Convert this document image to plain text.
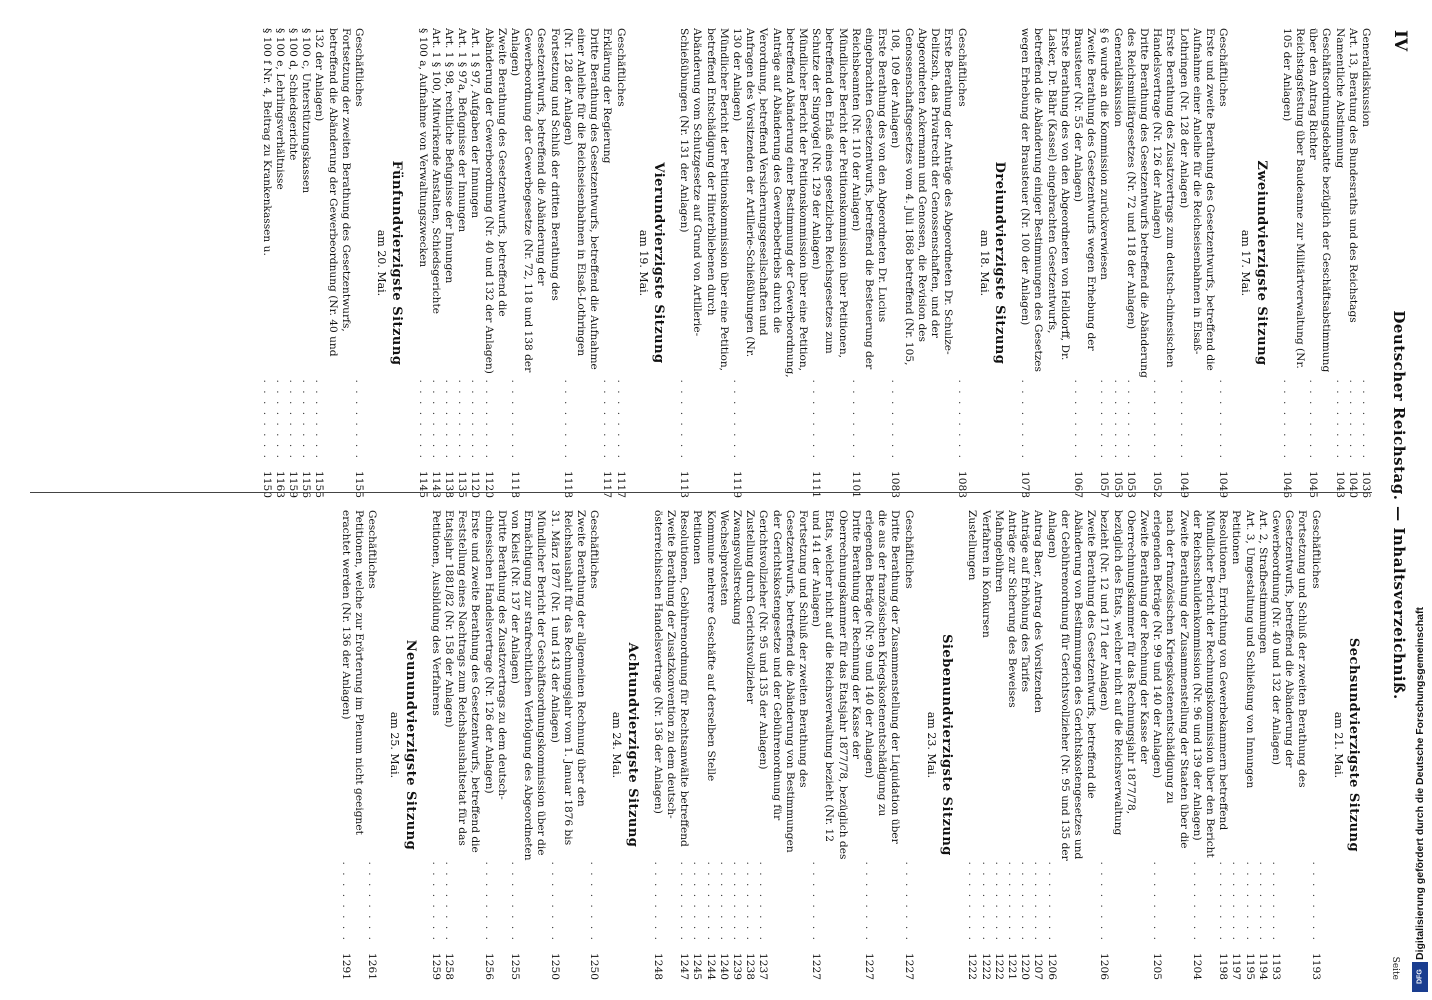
IV
Deutscher Reichstag. — Inhaltsverzeichniß.
Seite
Generaldiskussion
. . . . . . . .
1036
Art. 13, Beratung des Bundesraths und des Reichstags
. . . . . . . .
1040
Namentliche Abstimmung
. . . . . . . .
1043
Geschäftsordnungsdebatte bezüglich der Geschäftsabstimmung über den Antrag Richter
. . . . . . . .
1045
Reichstagsfestung über Baudeanne zur Militärtverwaltung (Nr. 105 der Anlagen)
. . . . . . . .
1046
Zweiundvierzigste Sitzung
am 17. Mai.
Geschäftliches
. . . . . . . .
1049
Erste und zweite Berathung des Gesetzentwurfs, betreffend die Aufnahme einer Anleihe für die Reichseisenbahnen in Elsaß-Lothringen (Nr. 128 der Anlagen)
. . . . . . . .
1049
Erste Berathung des Zusatzvertrags zum deutsch-chinesischen Handelsvertrage (Nr. 126 der Anlagen)
. . . . . . . .
1052
Dritte Berathung des Gesetzentwurfs betreffend die Abänderung des Reichsmilitärgesetzes (Nr. 72 und 118 der Anlagen)
. . . . . . . .
1053
Generaldiskussion
. . . . . . . .
1053
§ 6 wurde an die Kommission zurückverwiesen
. . . . . . . .
1057
Zweite Berathung des Gesetzentwurfs wegen Erhebung der Brausteuer (Nr. 55 der Anlagen)
. . . . . . . .
1067
Erste Berathung des von den Abgeordneten von Helldorff, Dr. Lasker, Dr. Bähr (Kassel) eingebrachten Gesetzentwurfs, betreffend die Abänderung einiger Bestimmungen des Gesetzes wegen Erhebung der Brausteuer (Nr. 100 der Anlagen)
. . . . . . . .
1078
Dreiundvierzigste Sitzung
am 18. Mai.
Geschäftliches
. . . . . . . .
1083
Erste Berathung der Anträge des Abgeordneten Dr. Schulze-Delitzsch, das Privatrecht der Genossenschaften, und der Abgeordneten Ackermann und Genossen, die Revision des Genossenschaftsgesetzes vom 4. Juli 1868 betreffend (Nr. 105, 108, 109 der Anlagen)
. . . . . . . .
1083
Erste Berathung des von den Abgeordneten Dr. Lucius eingebrachten Gesetzentwurfs, betreffend die Besteuerung der Reichsbeamten (Nr. 110 der Anlagen)
. . . . . . . .
1101
Mündlicher Bericht der Petitionskommission über Petitionen, betreffend den Erlaß eines gesetzlichen Reichsgesetzes zum Schutze der Singvögel (Nr. 129 der Anlagen)
. . . . . . . .
1111
Mündlicher Bericht der Petitionskommission über eine Petition, betreffend Abänderung einer Bestimmung der Gewerbeordnung, Anträge auf Abänderung des Gewerbebetriebs durch die Verordnung, betreffend Versicherungsgesellschaften und Anfragen des Vorsitzenden der Artillerie-Schießübungen (Nr. 130 der Anlagen)
. . . . . . . .
1119
Mündlicher Bericht der Petitionskommission über eine Petition, betreffend Entschädigung der Hinterbliebenen durch Abänderung vom Schutzgesetze auf Grund von Artillerie-Schießübungen (Nr. 131 der Anlagen)
. . . . . . . .
1113
Vierundvierzigste Sitzung
am 19. Mai.
Geschäftliches
. . . . . . . .
1117
Erklärung der Regierung
. . . . . . . .
1117
Dritte Berathung des Gesetzentwurfs, betreffend die Aufnahme einer Anleihe für die Reichseisenbahnen in Elsaß-Lothringen (Nr. 128 der Anlagen)
. . . . . . . .
1118
Fortsetzung und Schluß der dritten Berathung des Gesetzentwurfs, betreffend die Abänderung der Gewerbeordnung der Gewerbegesetze (Nr. 72, 118 und 138 der Anlagen)
. . . . . . . .
1118
Zweite Berathung des Gesetzentwurfs, betreffend die Abänderung der Gewerbeordnung (Nr. 40 und 132 der Anlagen)
. . . . . . . .
1120
Art. 1 § 97, Aufgaben der Innungen
. . . . . . . .
1120
Art. 1 § 97a, Befugnisse der Innungen
. . . . . . . .
1135
Art. 1 § 98, rechtliche Befugnisse der Innungen
. . . . . . . .
1138
Art. 1 § 100, Mitwirkende Anstalten, Schiedsgerichte
. . . . . . . .
1143
§ 100 a, Aufnahme von Verwaltungszwecken
. . . . . . . .
1145
Fünfundvierzigste Sitzung
am 20. Mai.
Geschäftliches
. . . . . . . .
1155
Fortsetzung der zweiten Berathung des Gesetzentwurfs, betreffend die Abänderung der Gewerbeordnung (Nr. 40 und 132 der Anlagen)
. . . . . . . .
1155
§ 100 c, Unterstützungskassen
. . . . . . . .
1156
§ 100 d, Schiedsgerichte
. . . . . . . .
1159
§ 100 e, Lehrlingsverhältnisse
. . . . . . . .
1163
§ 100 f Nr. 4, Beitrag zu Krankenkassen u.
. . . . . . . .
1150
Sechsundvierzigste Sitzung
am 21. Mai.
Geschäftliches
. . . . . . . .
1193
Fortsetzung und Schluß der zweiten Berathung des Gesetzentwurfs, betreffend die Abänderung der Gewerbeordnung (Nr. 40 und 132 der Anlagen)
. . . . . . . .
1193
Art. 2, Strafbestimmungen
. . . . . . . .
1194
Art. 3, Umgestaltung und Schließung von Innungen
. . . . . . . .
1195
Petitionen
. . . . . . . .
1197
Resolutionen, Errichtung von Gewerbekammern betreffend
. . . . . . . .
1198
Mündlicher Bericht der Rechnungskommission über den Bericht der Reichsschuldenkommission (Nr. 96 und 139 der Anlagen)
. . . . . . . .
1204
Zweite Berathung der Zusammenstellung der Staaten über die nach der französischen Kriegskostenentschädigung zu erlegenden Beträge (Nr. 99 und 140 der Anlagen)
. . . . . . . .
1205
Zweite Berathung der Rechnung der Kasse der Oberrechnungskammer für das Rechnungsjahr 1877/78, bezüglich des Etats, welcher nicht auf die Reichsverwaltung bezieht (Nr. 12 und 171 der Anlagen)
. . . . . . . .
1206
Zweite Berathung des Gesetzentwurfs, betreffend die Abänderung von Bestimmungen des Gerichtskostengesetzes und der Gebührenordnung für Gerichtsvollzieher (Nr. 95 und 135 der Anlagen)
. . . . . . . .
1206
Antrag Baer, Antrag des Vorsitzenden
. . . . . . . .
1207
Anträge auf Erhöhung des Tarifes
. . . . . . . .
1220
Anträge zur Sicherung des Beweises
. . . . . . . .
1221
Mahngebühren
. . . . . . . .
1222
Verfahren in Konkursen
. . . . . . . .
1222
Zustellungen
. . . . . . . .
1222
Siebenundvierzigste Sitzung
am 23. Mai.
Geschäftliches
. . . . . . . .
1227
Dritte Berathung der Zusammenstellung der Liquidation über die aus der französischen Kriegskostenentschädigung zu erlegenden Beträge (Nr. 99 und 140 der Anlagen)
. . . . . . . .
1227
Dritte Berathung der Rechnung der Kasse der Oberrechnungskammer für das Etatsjahr 1877/78, bezüglich des Etats, welcher nicht auf die Reichsverwaltung bezieht (Nr. 12 und 141 der Anlagen)
. . . . . . . .
1227
Fortsetzung und Schluß der zweiten Berathung des Gesetzentwurfs, betreffend die Abänderung von Bestimmungen der Gerichtskostengesetze und der Gebührenordnung für Gerichtsvollzieher (Nr. 95 und 135 der Anlagen)
. . . . . . . .
1237
Zustellung durch Gerichtsvollzieher
. . . . . . . .
1238
Zwangsvollstreckung
. . . . . . . .
1239
Wechselprotesten
. . . . . . . .
1240
Kommune mehrere Geschäfte auf derselben Stelle
. . . . . . . .
1244
Petitionen
. . . . . . . .
1245
Resolutionen, Gebührenordnung für Rechtsanwälte betreffend
. . . . . . . .
1247
Zweite Berathung der Zusatzkonvention zu dem deutsch-österreichischen Handelsvertrage (Nr. 136 der Anlagen)
. . . . . . . .
1248
Achtundvierzigste Sitzung
am 24. Mai.
Geschäftliches
. . . . . . . .
1250
Zweite Berathung der allgemeinen Rechnung über den Reichshaushalt für das Rechnungsjahr vom 1. Januar 1876 bis 31. März 1877 (Nr. 1 und 143 der Anlagen)
. . . . . . . .
1250
Mündlicher Bericht der Geschäftsordnungskommission über die Ermächtigung zur strafrechtlichen Verfolgung des Abgeordneten von Kleist (Nr. 137 der Anlagen)
. . . . . . . .
1255
Dritte Berathung des Zusatzvertrags zu dem deutsch-chinesischen Handelsvertrage (Nr. 126 der Anlagen)
. . . . . . . .
1256
Erste und zweite Berathung des Gesetzentwurfs, betreffend die Feststellung eines Nachtrags zum Reichshaushaltsetat für das Etatsjahr 1881/82 (Nr. 158 der Anlagen)
. . . . . . . .
1258
Petitionen, Ausbildung des Verfahrens
. . . . . . . .
1259
Neunundvierzigste Sitzung
am 25. Mai.
Geschäftliches
. . . . . . . .
1261
Petitionen, welche zur Erörterung im Plenum nicht geeignet erachtet werden (Nr. 136 der Anlagen)
. . . . . . . .
1291
Digitalisierung gefördert durch die Deutsche Forschungsgemeinschaft
DFG
